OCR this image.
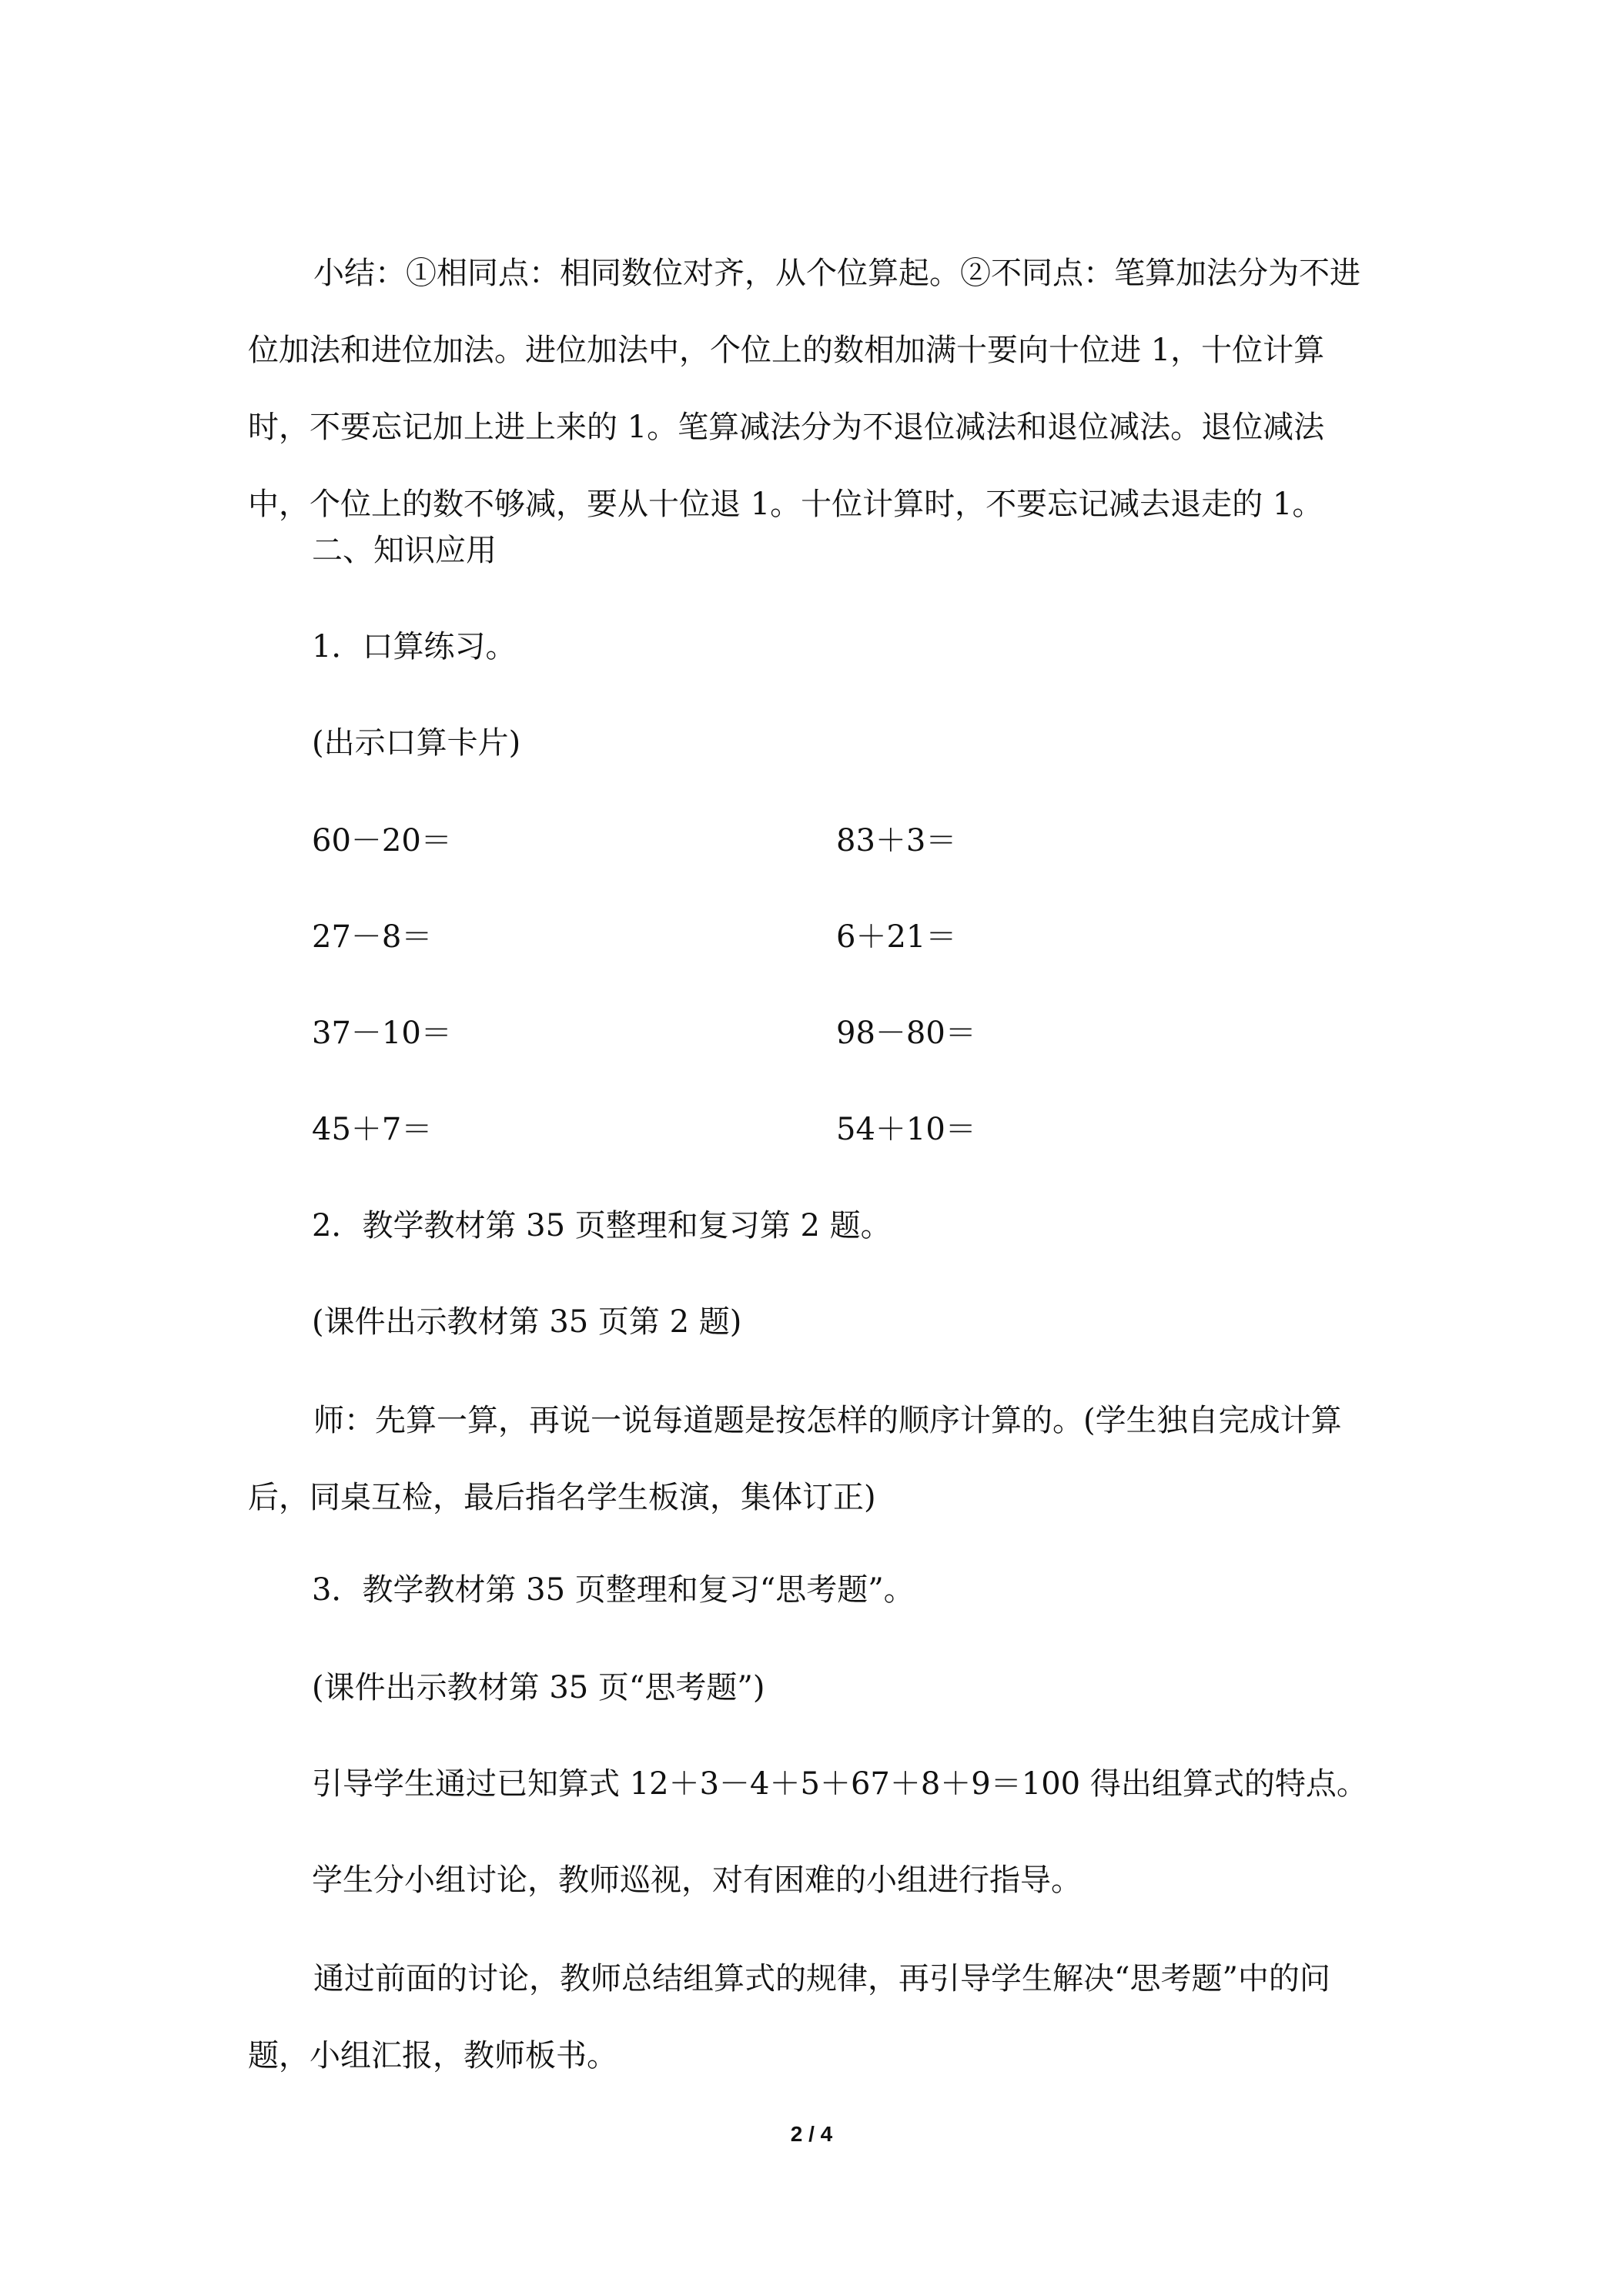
小结：①相同点：相同数位对齐，从个位算起。②不同点：笔算加法分为不进位加法和进位加法。进位加法中，个位上的数相加满十要向十位进 1，十位计算时，不要忘记加上进上来的 1。笔算减法分为不退位减法和退位减法。退位减法中，个位上的数不够减，要从十位退 1。十位计算时，不要忘记减去退走的 1。

二、知识应用
1．口算练习。
(出示口算卡片)
60－20＝	83＋3＝
27－8＝	6＋21＝
37－10＝	98－80＝
45＋7＝	54＋10＝
2．教学教材第 35 页整理和复习第 2 题。
(课件出示教材第 35 页第 2 题)

师：先算一算，再说一说每道题是按怎样的顺序计算的。(学生独自完成计算后，同桌互检，最后指名学生板演，集体订正)

3．教学教材第 35 页整理和复习“思考题”。
(课件出示教材第 35 页“思考题”)
引导学生通过已知算式 12＋3－4＋5＋67＋8＋9＝100 得出组算式的特点。
学生分小组讨论，教师巡视，对有困难的小组进行指导。

通过前面的讨论，教师总结组算式的规律，再引导学生解决“思考题”中的问题，小组汇报，教师板书。

2 / 4
